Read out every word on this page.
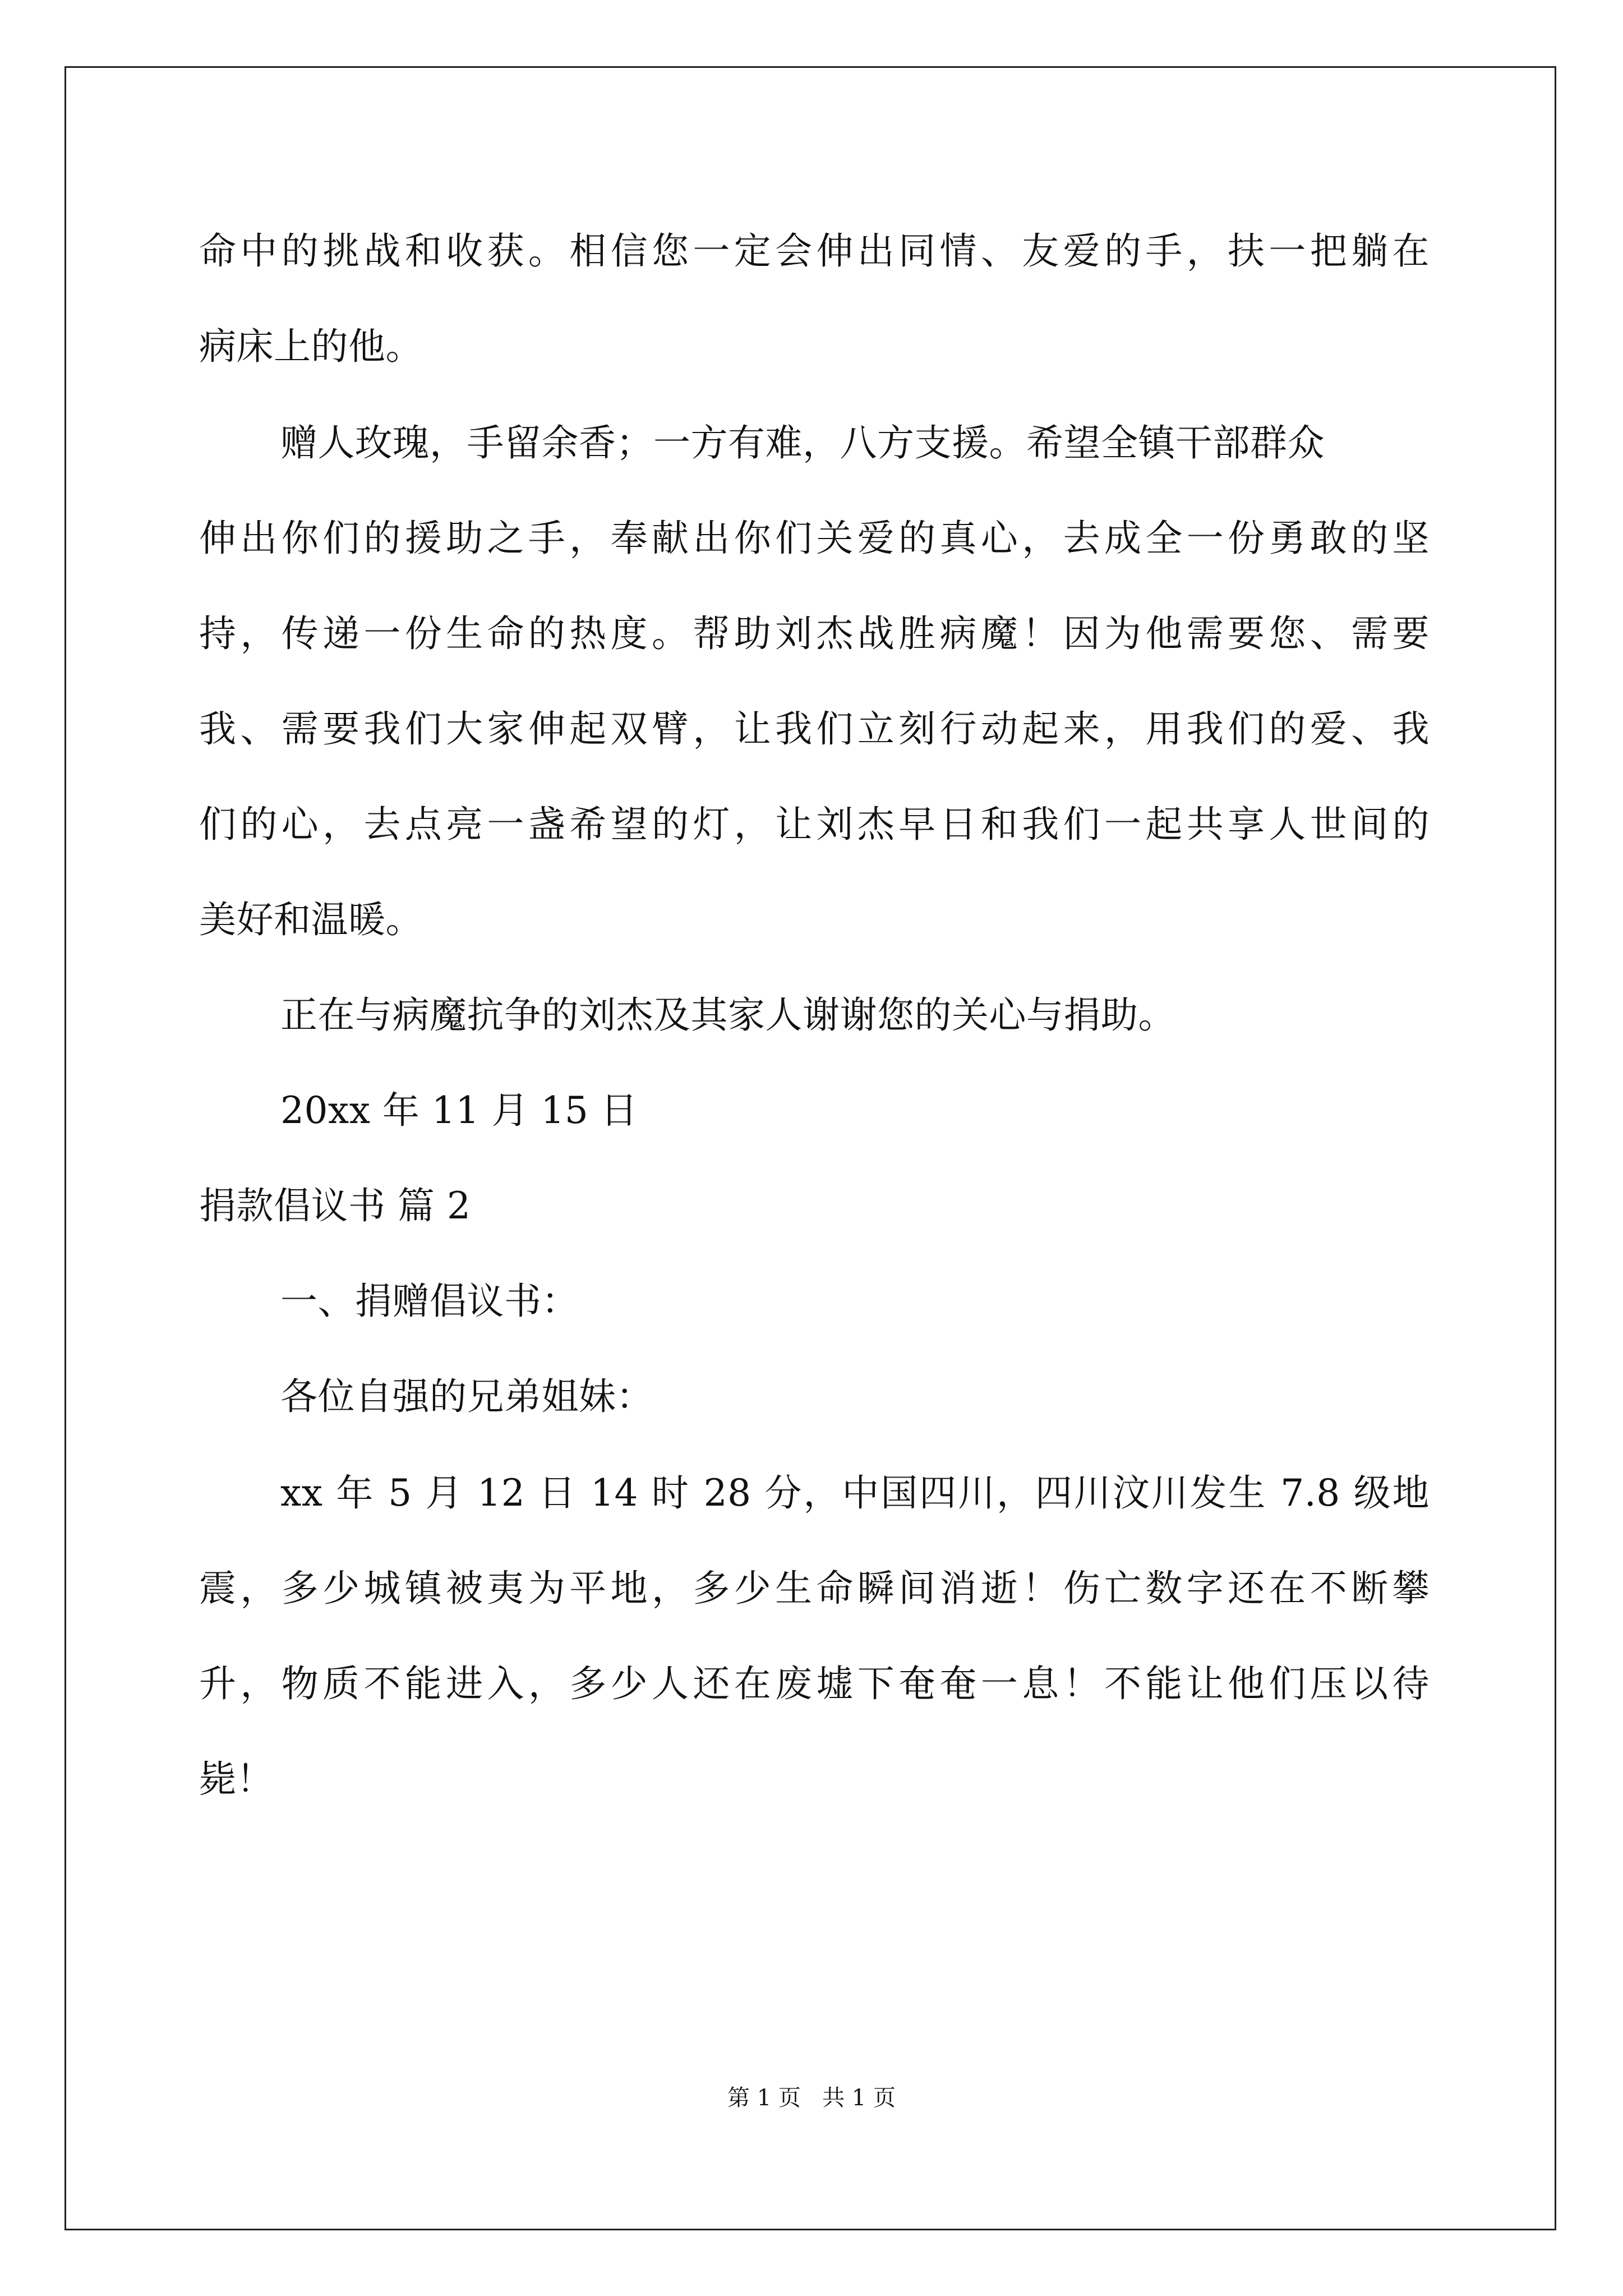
命中的挑战和收获。相信您一定会伸出同情、友爱的手，扶一把躺在
病床上的他。
赠人玫瑰，手留余香；一方有难，八方支援。希望全镇干部群众
伸出你们的援助之手，奉献出你们关爱的真心，去成全一份勇敢的坚
持，传递一份生命的热度。帮助刘杰战胜病魔！因为他需要您、需要
我、需要我们大家伸起双臂，让我们立刻行动起来，用我们的爱、我
们的心，去点亮一盏希望的灯，让刘杰早日和我们一起共享人世间的
美好和温暖。
正在与病魔抗争的刘杰及其家人谢谢您的关心与捐助。
20xx 年 11 月 15 日
捐款倡议书 篇 2
一、捐赠倡议书：
各位自强的兄弟姐妹：
xx 年 5 月 12 日 14 时 28 分，中国四川，四川汶川发生 7.8 级地
震，多少城镇被夷为平地，多少生命瞬间消逝！伤亡数字还在不断攀
升，物质不能进入，多少人还在废墟下奄奄一息！不能让他们压以待
毙！
第 1 页   共 1 页
